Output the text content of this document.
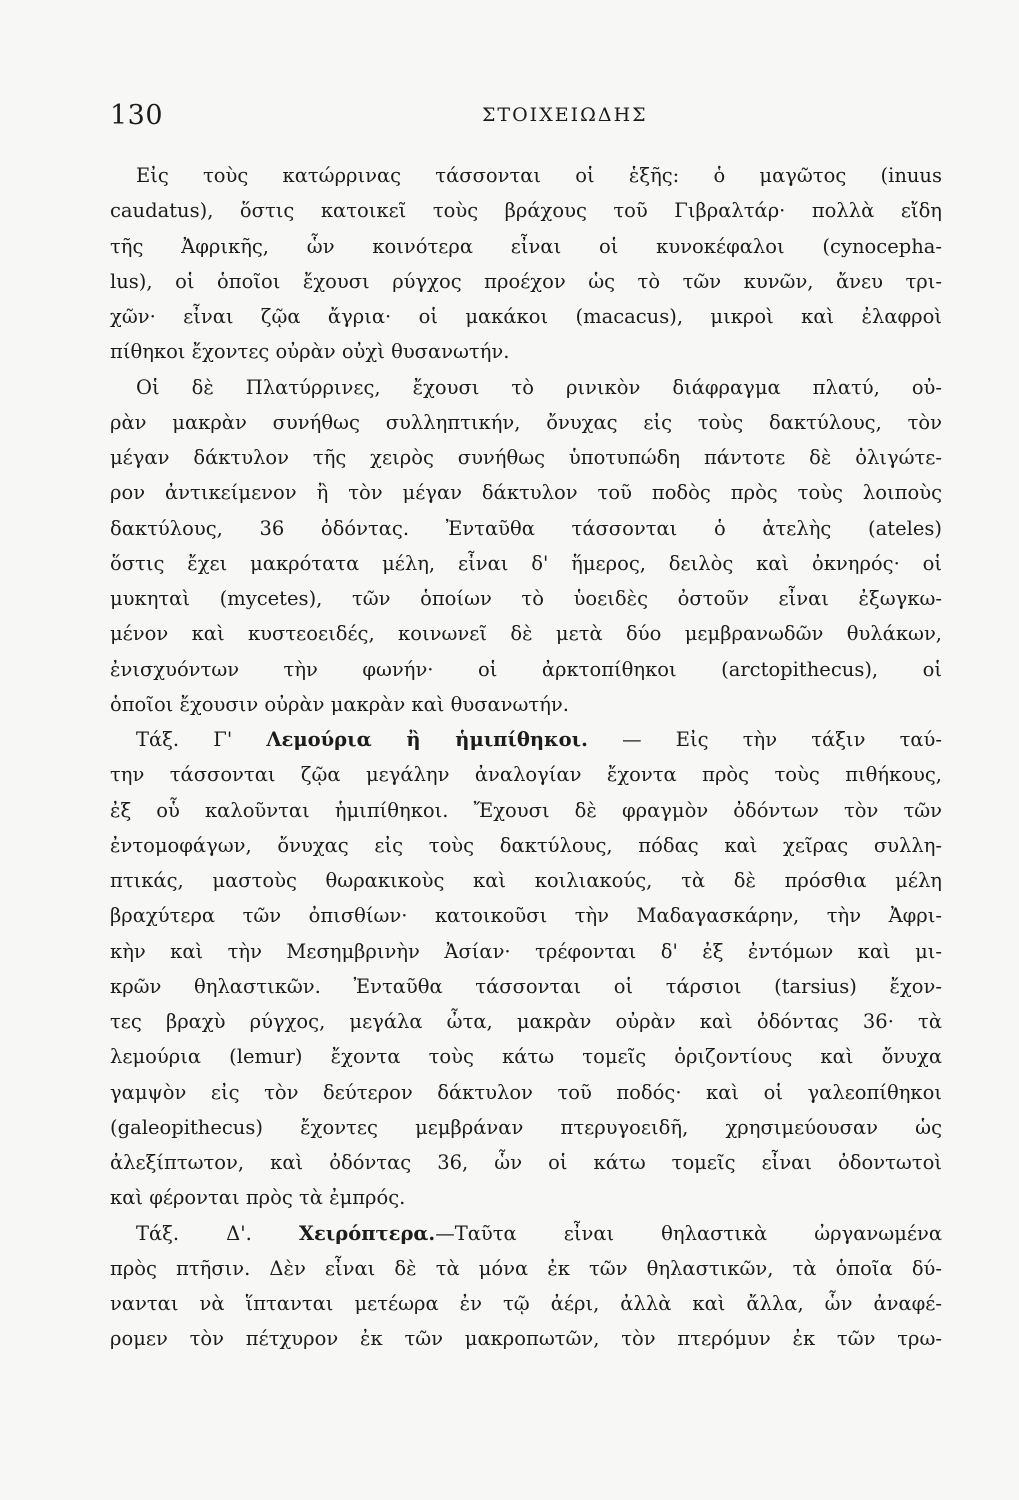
130	ΣΤΟΙΧΕΙΩΔΗΣ
Εἰς τοὺς κατώρρινας τάσσονται οἱ ἑξῆς: ὁ μαγῶτος (inuus
caudatus), ὅστις κατοικεῖ τοὺς βράχους τοῦ Γιβραλτάρ· πολλὰ εἴδη
τῆς Ἀφρικῆς, ὧν κοινότερα εἶναι οἱ κυνοκέφαλοι (cynocepha-
lus), οἱ ὁποῖοι ἔχουσι ρύγχος προέχον ὡς τὸ τῶν κυνῶν, ἄνευ τρι-
χῶν· εἶναι ζῷα ἄγρια· οἱ μακάκοι (macacus), μικροὶ καὶ ἐλαφροὶ
πίθηκοι ἔχοντες οὐρὰν οὐχὶ θυσανωτήν.
Οἱ δὲ Πλατύρρινες, ἔχουσι τὸ ρινικὸν διάφραγμα πλατύ, οὐ-
ρὰν μακρὰν συνήθως συλληπτικήν, ὄνυχας εἰς τοὺς δακτύλους, τὸν
μέγαν δάκτυλον τῆς χειρὸς συνήθως ὑποτυπώδη πάντοτε δὲ ὀλιγώτε-
ρον ἀντικείμενον ἢ τὸν μέγαν δάκτυλον τοῦ ποδὸς πρὸς τοὺς λοιποὺς
δακτύλους, 36 ὀδόντας. Ἐνταῦθα τάσσονται ὁ ἀτελὴς (ateles)
ὅστις ἔχει μακρότατα μέλη, εἶναι δ' ἥμερος, δειλὸς καὶ ὀκνηρός· οἱ
μυκηταὶ (mycetes), τῶν ὁποίων τὸ ὑοειδὲς ὀστοῦν εἶναι ἐξωγκω-
μένον καὶ κυστεοειδές, κοινωνεῖ δὲ μετὰ δύο μεμβρανωδῶν θυλάκων,
ἐνισχυόντων τὴν φωνήν· οἱ ἀρκτοπίθηκοι (arctopithecus), οἱ
ὁποῖοι ἔχουσιν οὐρὰν μακρὰν καὶ θυσανωτήν.
Τάξ. Γ' Λεμούρια ἢ ἡμιπίθηκοι. — Εἰς τὴν τάξιν ταύ-
την τάσσονται ζῷα μεγάλην ἀναλογίαν ἔχοντα πρὸς τοὺς πιθήκους,
ἐξ οὗ καλοῦνται ἡμιπίθηκοι. Ἔχουσι δὲ φραγμὸν ὀδόντων τὸν τῶν
ἐντομοφάγων, ὄνυχας εἰς τοὺς δακτύλους, πόδας καὶ χεῖρας συλλη-
πτικάς, μαστοὺς θωρακικοὺς καὶ κοιλιακούς, τὰ δὲ πρόσθια μέλη
βραχύτερα τῶν ὀπισθίων· κατοικοῦσι τὴν Μαδαγασκάρην, τὴν Ἀφρι-
κὴν καὶ τὴν Μεσημβρινὴν Ἀσίαν· τρέφονται δ' ἐξ ἐντόμων καὶ μι-
κρῶν θηλαστικῶν. Ἐνταῦθα τάσσονται οἱ τάρσιοι (tarsius) ἔχον-
τες βραχὺ ρύγχος, μεγάλα ὦτα, μακρὰν οὐρὰν καὶ ὀδόντας 36· τὰ
λεμούρια (lemur) ἔχοντα τοὺς κάτω τομεῖς ὁριζοντίους καὶ ὄνυχα
γαμψὸν εἰς τὸν δεύτερον δάκτυλον τοῦ ποδός· καὶ οἱ γαλεοπίθηκοι
(galeopithecus) ἔχοντες μεμβράναν πτερυγοειδῆ, χρησιμεύουσαν ὡς
ἀλεξίπτωτον, καὶ ὀδόντας 36, ὧν οἱ κάτω τομεῖς εἶναι ὀδοντωτοὶ
καὶ φέρονται πρὸς τὰ ἐμπρός.
Τάξ. Δ'. Χειρόπτερα.—Ταῦτα εἶναι θηλαστικὰ ὠργανωμένα
πρὸς πτῆσιν. Δὲν εἶναι δὲ τὰ μόνα ἐκ τῶν θηλαστικῶν, τὰ ὁποῖα δύ-
νανται νὰ ἵπτανται μετέωρα ἐν τῷ ἀέρι, ἀλλὰ καὶ ἄλλα, ὧν ἀναφέ-
ρομεν τὸν πέτχυρον ἐκ τῶν μακροπωτῶν, τὸν πτερόμυν ἐκ τῶν τρω-
